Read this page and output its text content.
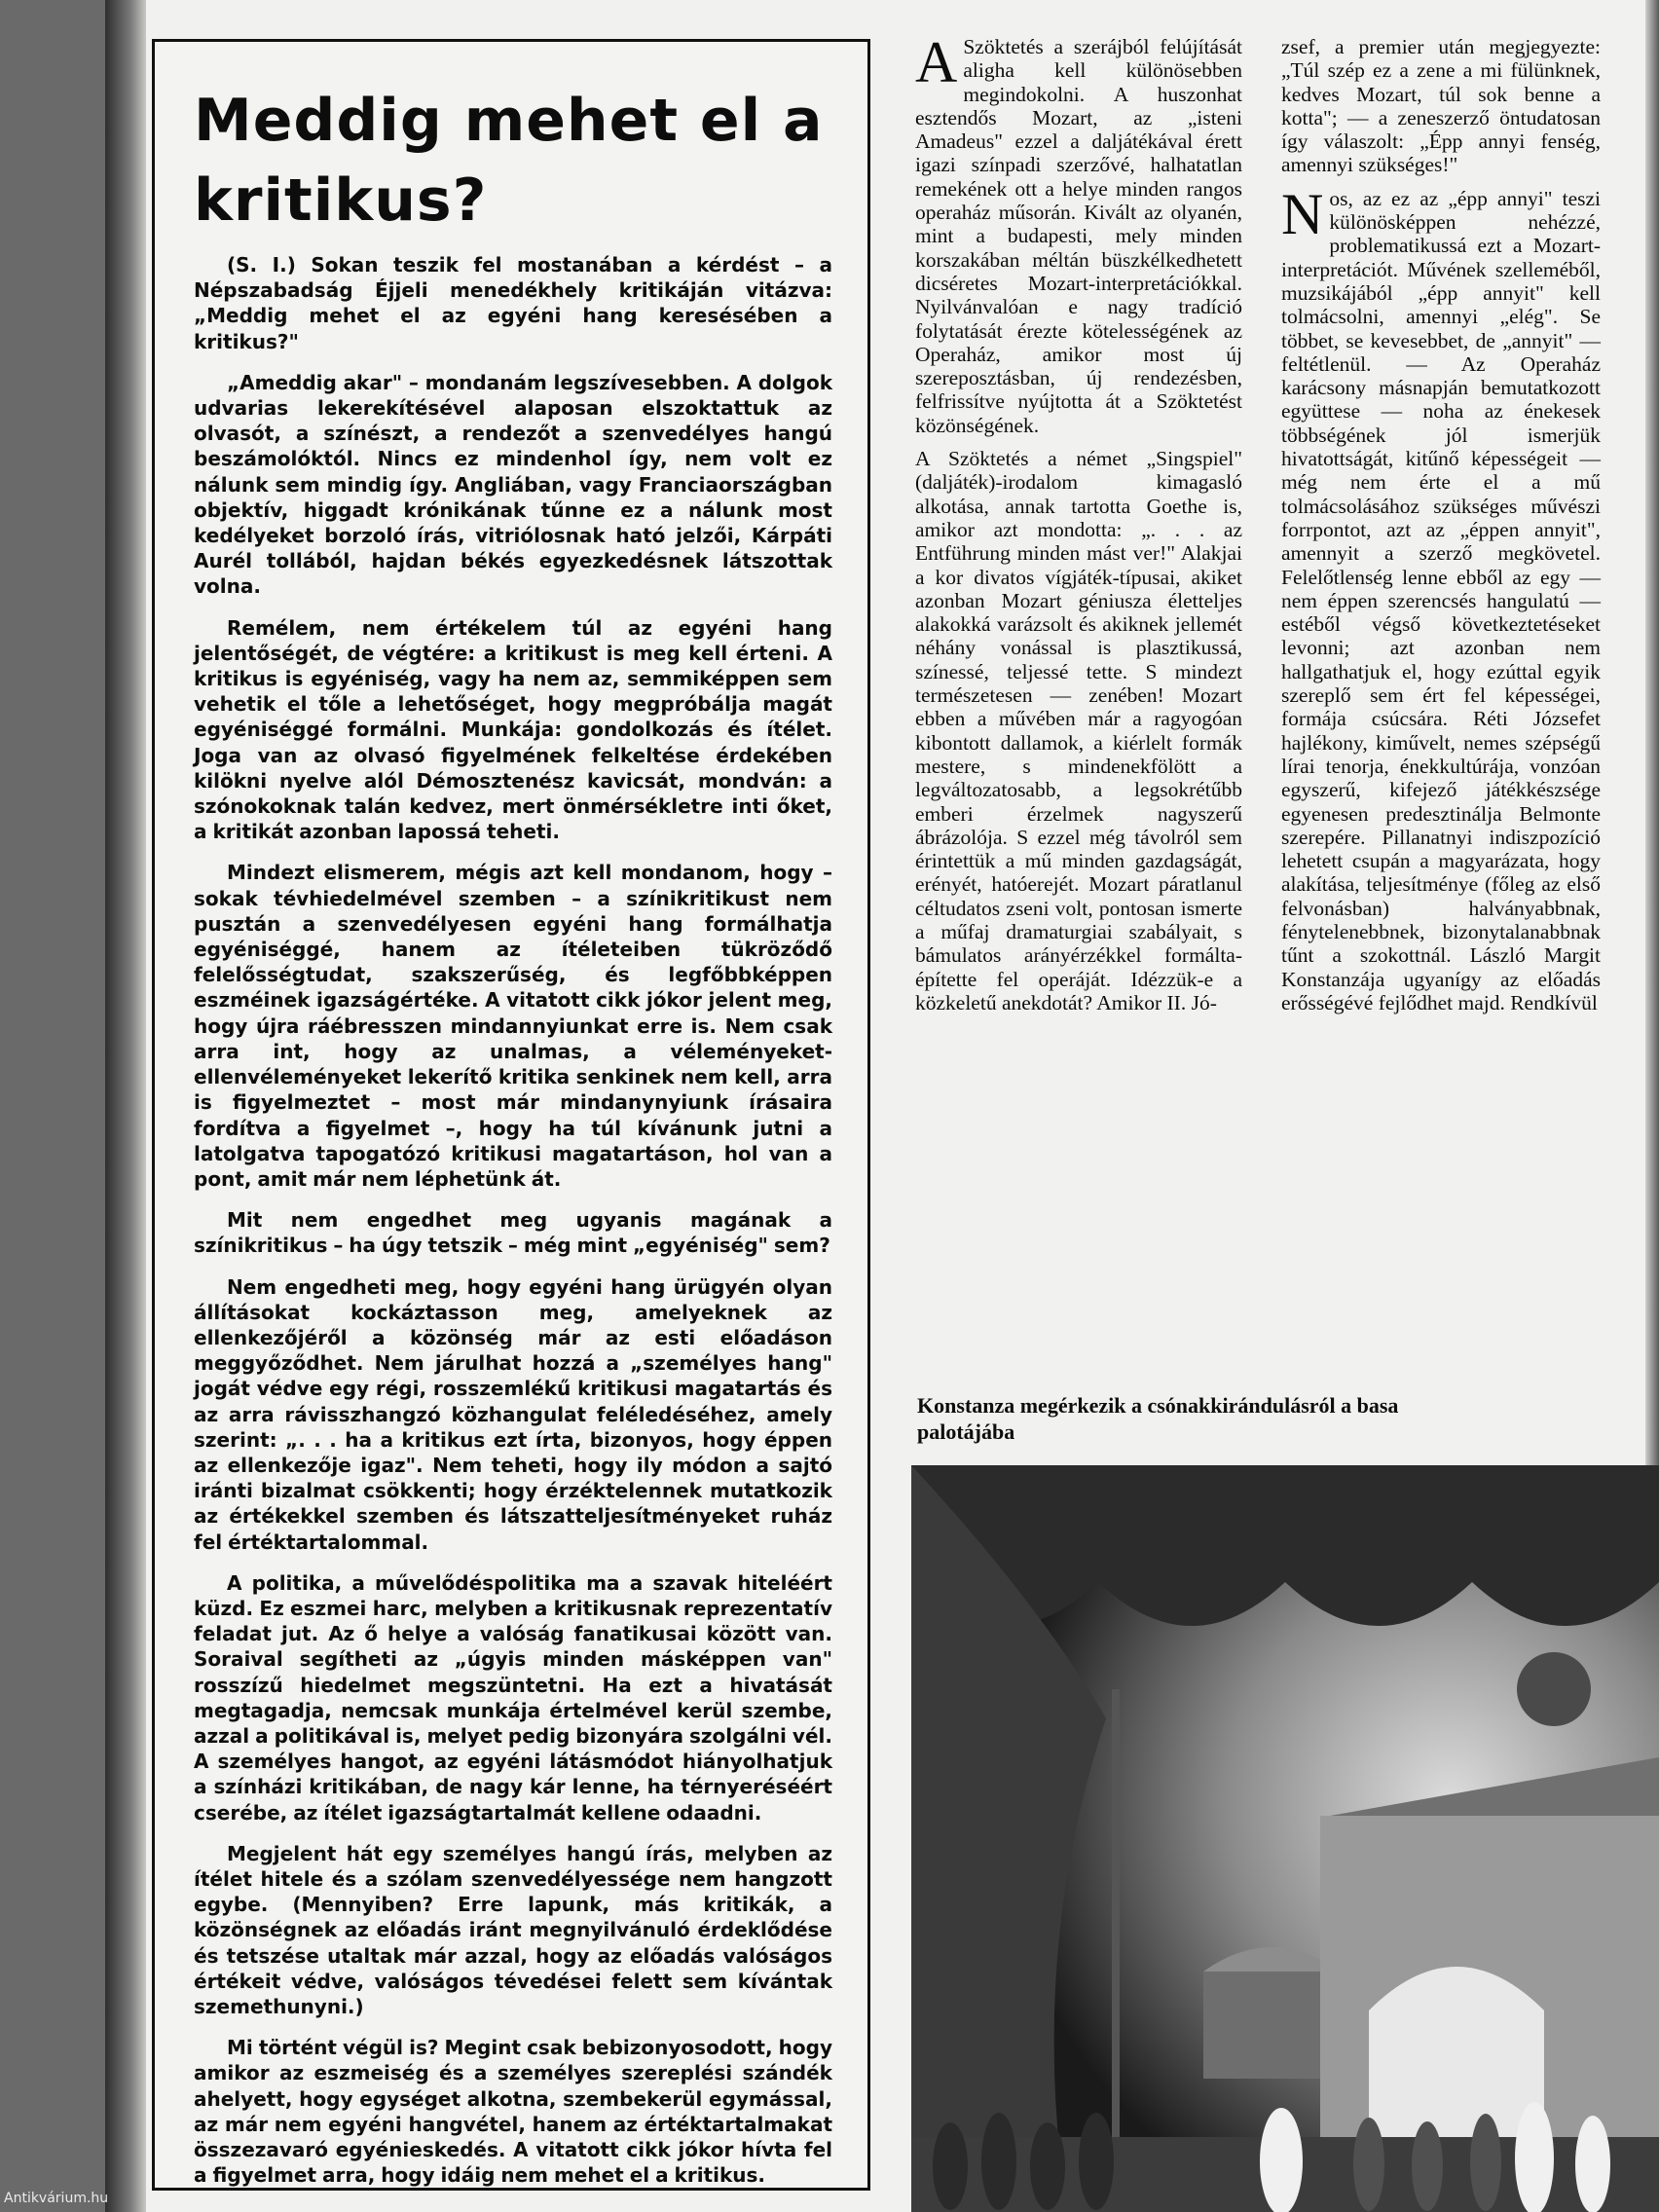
Meddig mehet el a kritikus?

(S. I.) Sokan teszik fel mostanában a kérdést – a Népszabadság Éjjeli menedékhely kritikáján vitázva: „Meddig mehet el az egyéni hang keresésében a kritikus?"

„Ameddig akar" – mondanám legszívesebben. A dolgok udvarias lekerekítésével alaposan elszoktattuk az olvasót, a színészt, a rendezőt a szenvedélyes hangú beszámolóktól. Nincs ez mindenhol így, nem volt ez nálunk sem mindig így. Angliában, vagy Franciaországban objektív, higgadt krónikának tűnne ez a nálunk most kedélyeket borzoló írás, vitriólosnak ható jelzői, Kárpáti Aurél tollából, hajdan békés egyezkedésnek látszottak volna.

Remélem, nem értékelem túl az egyéni hang jelentőségét, de végtére: a kritikust is meg kell érteni. A kritikus is egyéniség, vagy ha nem az, semmiképpen sem vehetik el tőle a lehetőséget, hogy megpróbálja magát egyéniséggé formálni. Munkája: gondolkozás és ítélet. Joga van az olvasó figyelmének felkeltése érdekében kilökni nyelve alól Démosztenész kavicsát, mondván: a szónokoknak talán kedvez, mert önmérsékletre inti őket, a kritikát azonban lapossá teheti.

Mindezt elismerem, mégis azt kell mondanom, hogy – sokak tévhiedelmével szemben – a színikritikust nem pusztán a szenvedélyesen egyéni hang formálhatja egyéniséggé, hanem az ítéleteiben tükröződő felelősségtudat, szakszerűség, és legfőbbképpen eszméinek igazságértéke. A vitatott cikk jókor jelent meg, hogy újra ráébresszen mindannyiunkat erre is. Nem csak arra int, hogy az unalmas, a véleményeket-ellenvéleményeket lekerítő kritika senkinek nem kell, arra is figyelmeztet – most már mindanynyiunk írásaira fordítva a figyelmet –, hogy ha túl kívánunk jutni a latolgatva tapogatózó kritikusi magatartáson, hol van a pont, amit már nem léphetünk át.

Mit nem engedhet meg ugyanis magának a színikritikus – ha úgy tetszik – még mint „egyéniség" sem?

Nem engedheti meg, hogy egyéni hang ürügyén olyan állításokat kockáztasson meg, amelyeknek az ellenkezőjéről a közönség már az esti előadáson meggyőződhet. Nem járulhat hozzá a „személyes hang" jogát védve egy régi, rosszemlékű kritikusi magatartás és az arra rávisszhangzó közhangulat feléledéséhez, amely szerint: „. . . ha a kritikus ezt írta, bizonyos, hogy éppen az ellenkezője igaz". Nem teheti, hogy ily módon a sajtó iránti bizalmat csökkenti; hogy érzéktelennek mutatkozik az értékekkel szemben és látszatteljesítményeket ruház fel értéktartalommal.

A politika, a művelődéspolitika ma a szavak hiteléért küzd. Ez eszmei harc, melyben a kritikusnak reprezentatív feladat jut. Az ő helye a valóság fanatikusai között van. Soraival segítheti az „úgyis minden másképpen van" rosszízű hiedelmet megszüntetni. Ha ezt a hivatását megtagadja, nemcsak munkája értelmével kerül szembe, azzal a politikával is, melyet pedig bizonyára szolgálni vél. A személyes hangot, az egyéni látásmódot hiányolhatjuk a színházi kritikában, de nagy kár lenne, ha térnyeréséért cserébe, az ítélet igazságtartalmát kellene odaadni.

Megjelent hát egy személyes hangú írás, melyben az ítélet hitele és a szólam szenvedélyessége nem hangzott egybe. (Mennyiben? Erre lapunk, más kritikák, a közönségnek az előadás iránt megnyilvánuló érdeklődése és tetszése utaltak már azzal, hogy az előadás valóságos értékeit védve, valóságos tévedései felett sem kívántak szemethunyni.)

Mi történt végül is? Megint csak bebizonyosodott, hogy amikor az eszmeiség és a személyes szereplési szándék ahelyett, hogy egységet alkotna, szembekerül egymással, az már nem egyéni hangvétel, hanem az értéktartalmakat összezavaró egyénieskedés. A vitatott cikk jókor hívta fel a figyelmet arra, hogy idáig nem mehet el a kritikus.

A Szöktetés a szerájból felújítását aligha kell különösebben megindokolni. A huszonhat esztendős Mozart, az „isteni Amadeus" ezzel a daljátékával érett igazi színpadi szerzővé, halhatatlan remekének ott a helye minden rangos operaház műsorán. Kivált az olyanén, mint a budapesti, mely minden korszakában méltán büszkélkedhetett dicséretes Mozart-interpretációkkal. Nyilvánvalóan e nagy tradíció folytatását érezte kötelességének az Operaház, amikor most új szereposztásban, új rendezésben, felfrissítve nyújtotta át a Szöktetést közönségének.

A Szöktetés a német „Singspiel" (daljáték)-irodalom kimagasló alkotása, annak tartotta Goethe is, amikor azt mondotta: „. . . az Entführung minden mást ver!" Alakjai a kor divatos vígjáték-típusai, akiket azonban Mozart géniusza életteljes alakokká varázsolt és akiknek jellemét néhány vonással is plasztikussá, színessé, teljessé tette. S mindezt természetesen — zenében! Mozart ebben a művében már a ragyogóan kibontott dallamok, a kiérlelt formák mestere, s mindenekfölött a legváltozatosabb, a legsokrétűbb emberi érzelmek nagyszerű ábrázolója. S ezzel még távolról sem érintettük a mű minden gazdagságát, erényét, hatóerejét. Mozart páratlanul céltudatos zseni volt, pontosan ismerte a műfaj dramaturgiai szabályait, s bámulatos arányérzékkel formálta-építette fel operáját. Idézzük-e a közkeletű anekdotát? Amikor II. Jó-

zsef, a premier után megjegyezte: „Túl szép ez a zene a mi fülünknek, kedves Mozart, túl sok benne a kotta"; — a zeneszerző öntudatosan így válaszolt: „Épp annyi fenség, amennyi szükséges!"

Nos, az ez az „épp annyi" teszi különösképpen nehézzé, problematikussá ezt a Mozart-interpretációt. Művének szelleméből, muzsikájából „épp annyit" kell tolmácsolni, amennyi „elég". Se többet, se kevesebbet, de „annyit" — feltétlenül. — Az Operaház karácsony másnapján bemutatkozott együttese — noha az énekesek többségének jól ismerjük hivatottságát, kitűnő képességeit — még nem érte el a mű tolmácsolásához szükséges művészi forrpontot, azt az „éppen annyit", amennyit a szerző megkövetel. Felelőtlenség lenne ebből az egy — nem éppen szerencsés hangulatú — estéből végső következtetéseket levonni; azt azonban nem hallgathatjuk el, hogy ezúttal egyik szereplő sem ért fel képességei, formája csúcsára. Réti Józsefet hajlékony, kiművelt, nemes szépségű lírai tenorja, énekkultúrája, vonzóan egyszerű, kifejező játékkészsége egyenesen predesztinálja Belmonte szerepére. Pillanatnyi indiszpozíció lehetett csupán a magyarázata, hogy alakítása, teljesítménye (főleg az első felvonásban) halványabbnak, fénytelenebbnek, bizonytalanabbnak tűnt a szokottnál. László Margit Konstanzája ugyanígy az előadás erősségévé fejlődhet majd. Rendkívül

Konstanza megérkezik a csónakkirándulásról a basa palotájába

Antikvárium.hu
